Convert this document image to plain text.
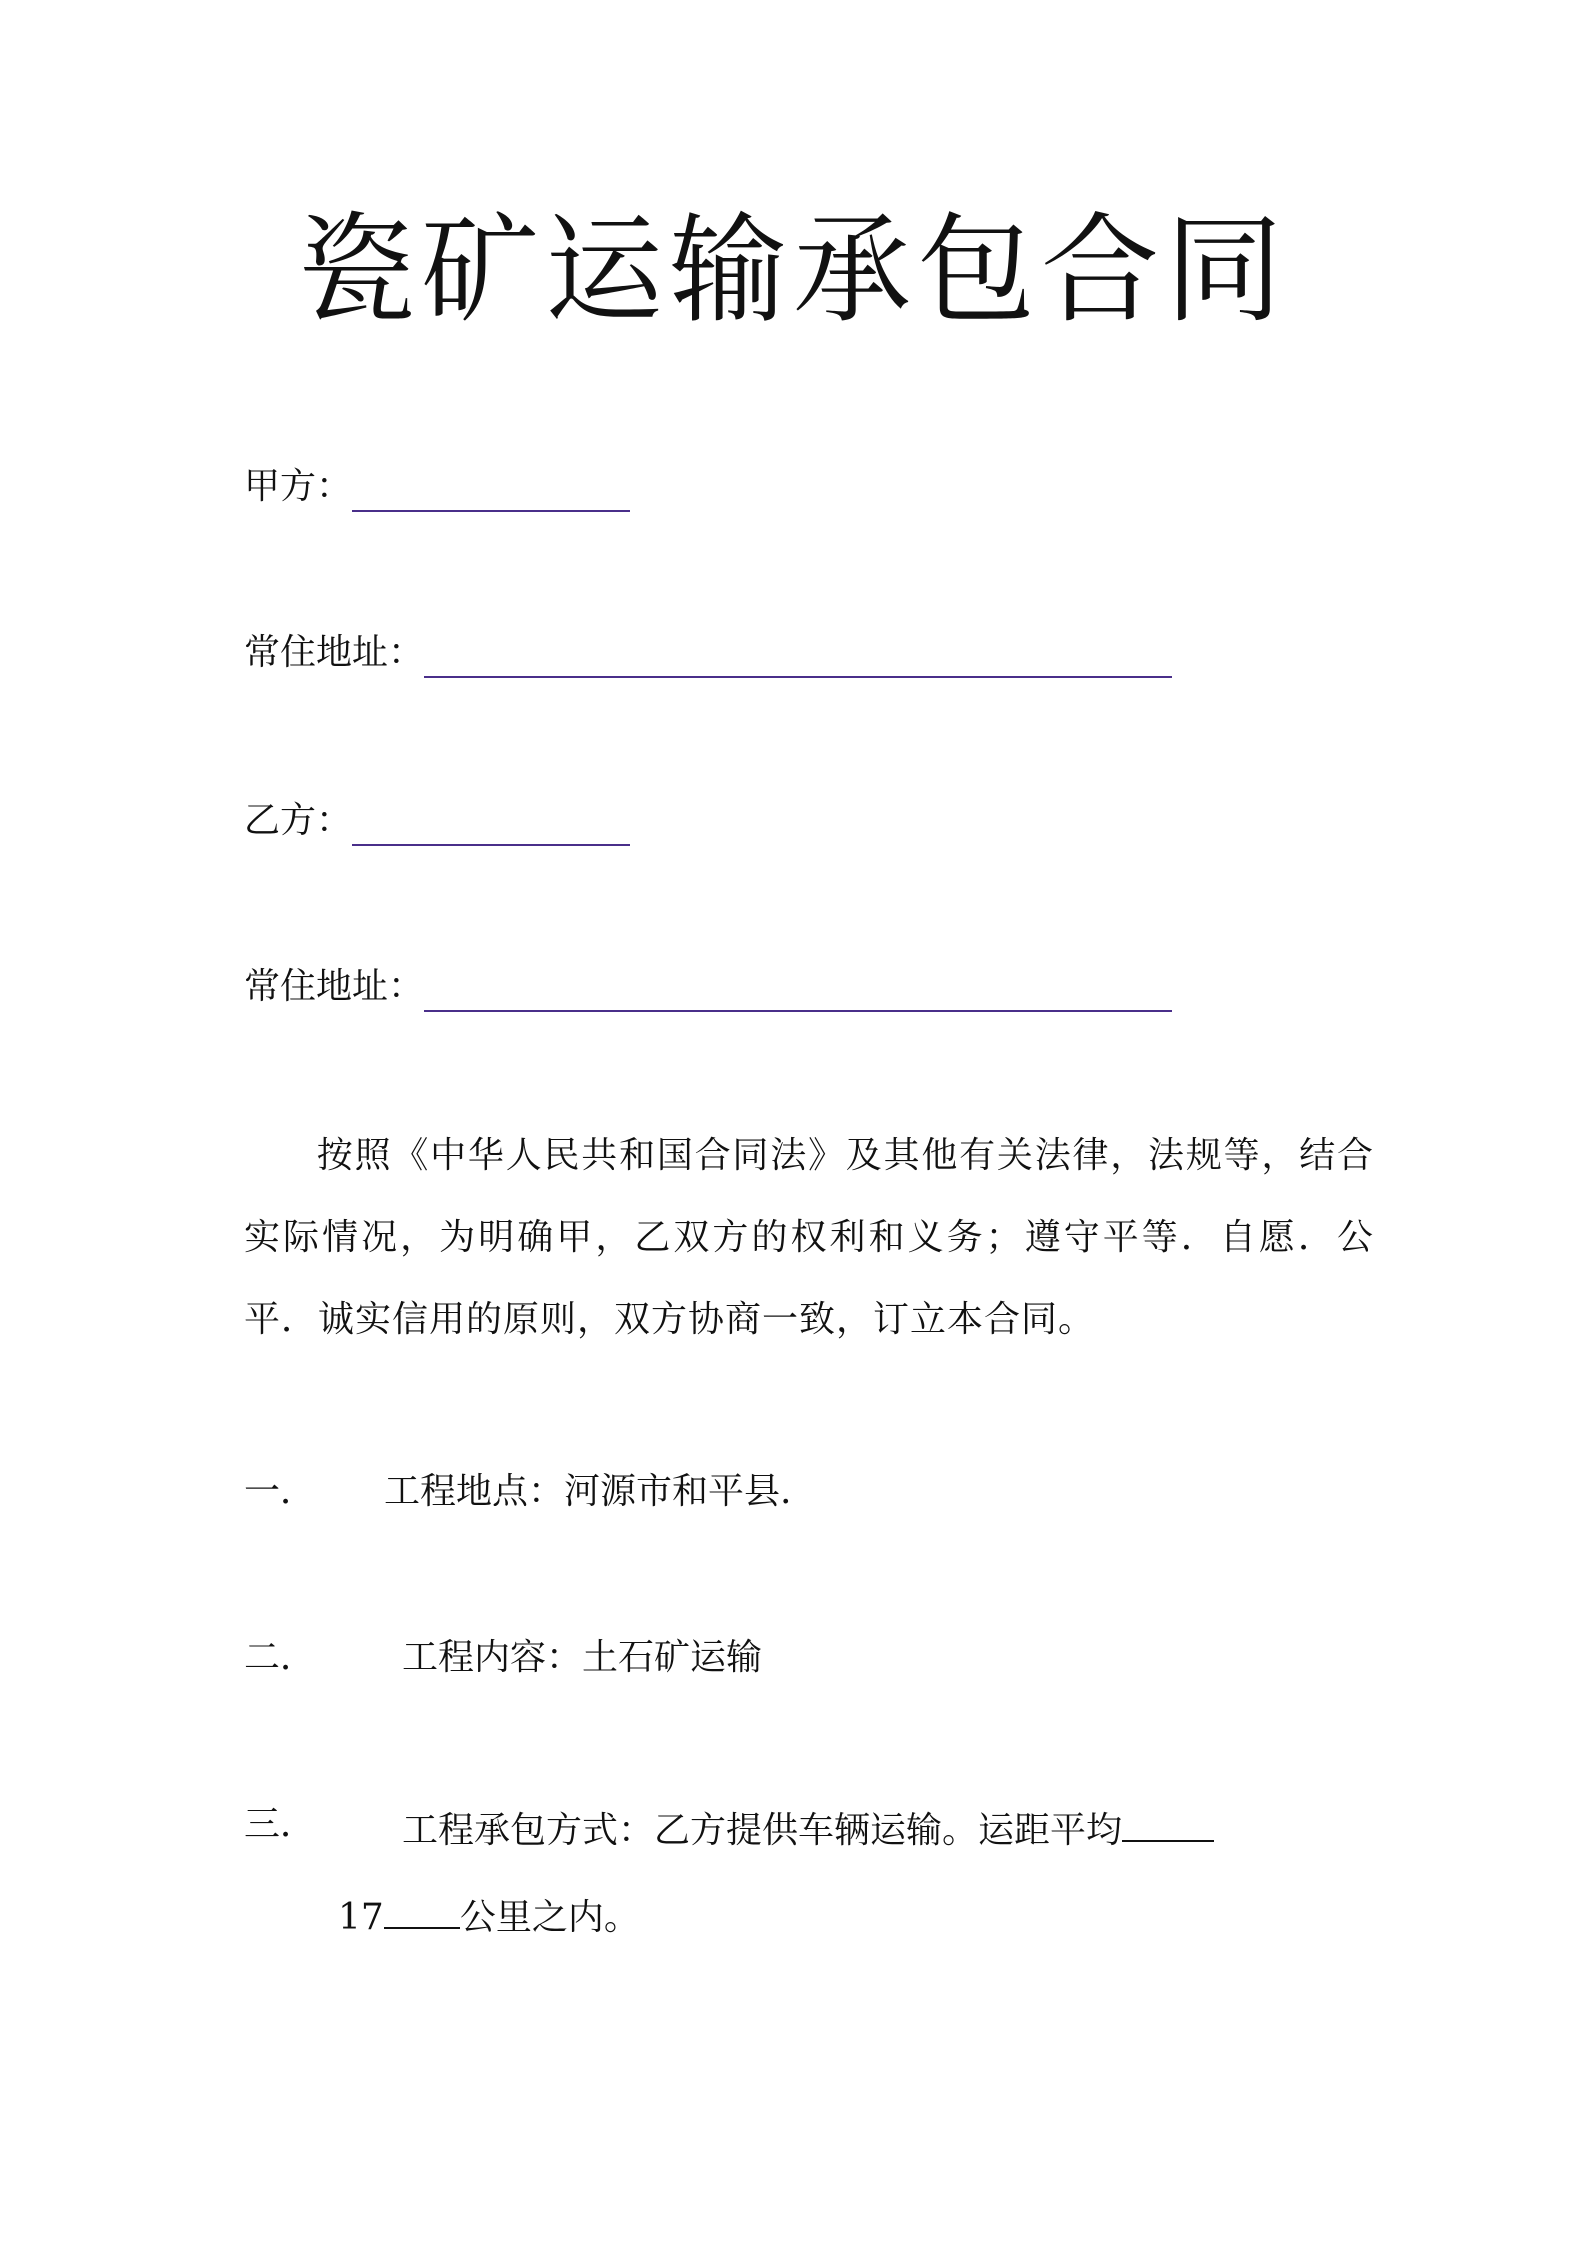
瓷矿运输承包合同
甲方：
常住地址：
乙方：
常住地址：
按照《中华人民共和国合同法》及其他有关法律，法规等，结合实际情况，为明确甲，乙双方的权利和义务；遵守平等．自愿．公平．诚实信用的原则，双方协商一致，订立本合同。
一． 工程地点：河源市和平县.
二． 工程内容：土石矿运输
三． 工程承包方式：乙方提供车辆运输。运距平均
17 公里之内。
